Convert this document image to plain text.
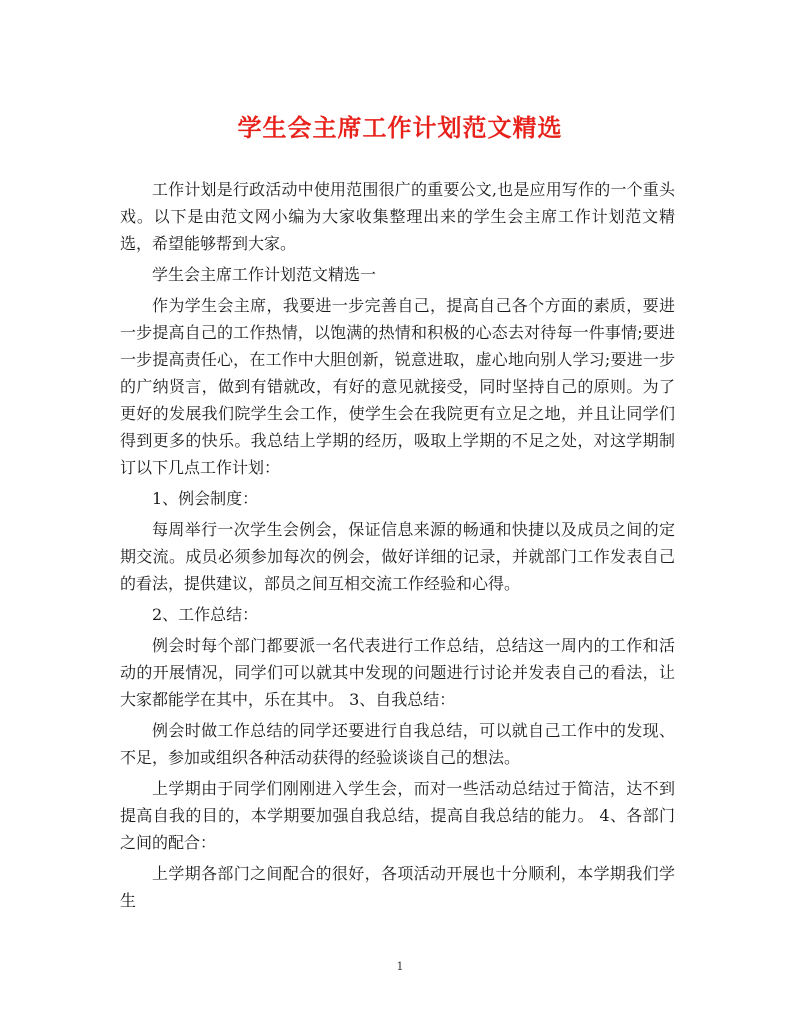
学生会主席工作计划范文精选

工作计划是行政活动中使用范围很广的重要公文,也是应用写作的一个重头戏。以下是由范文网小编为大家收集整理出来的学生会主席工作计划范文精选，希望能够帮到大家。

学生会主席工作计划范文精选一

作为学生会主席，我要进一步完善自己，提高自己各个方面的素质，要进一步提高自己的工作热情，以饱满的热情和积极的心态去对待每一件事情;要进一步提高责任心，在工作中大胆创新，锐意进取，虚心地向别人学习;要进一步的广纳贤言，做到有错就改，有好的意见就接受，同时坚持自己的原则。为了更好的发展我们院学生会工作，使学生会在我院更有立足之地，并且让同学们得到更多的快乐。我总结上学期的经历，吸取上学期的不足之处，对这学期制订以下几点工作计划：

1、例会制度：

每周举行一次学生会例会，保证信息来源的畅通和快捷以及成员之间的定期交流。成员必须参加每次的例会，做好详细的记录，并就部门工作发表自己的看法，提供建议，部员之间互相交流工作经验和心得。

2、工作总结：

例会时每个部门都要派一名代表进行工作总结，总结这一周内的工作和活动的开展情况，同学们可以就其中发现的问题进行讨论并发表自己的看法，让大家都能学在其中，乐在其中。 3、自我总结：

例会时做工作总结的同学还要进行自我总结，可以就自己工作中的发现、不足，参加或组织各种活动获得的经验谈谈自己的想法。

上学期由于同学们刚刚进入学生会，而对一些活动总结过于简洁，达不到提高自我的目的，本学期要加强自我总结，提高自我总结的能力。 4、各部门之间的配合：

上学期各部门之间配合的很好，各项活动开展也十分顺利，本学期我们学生

1
